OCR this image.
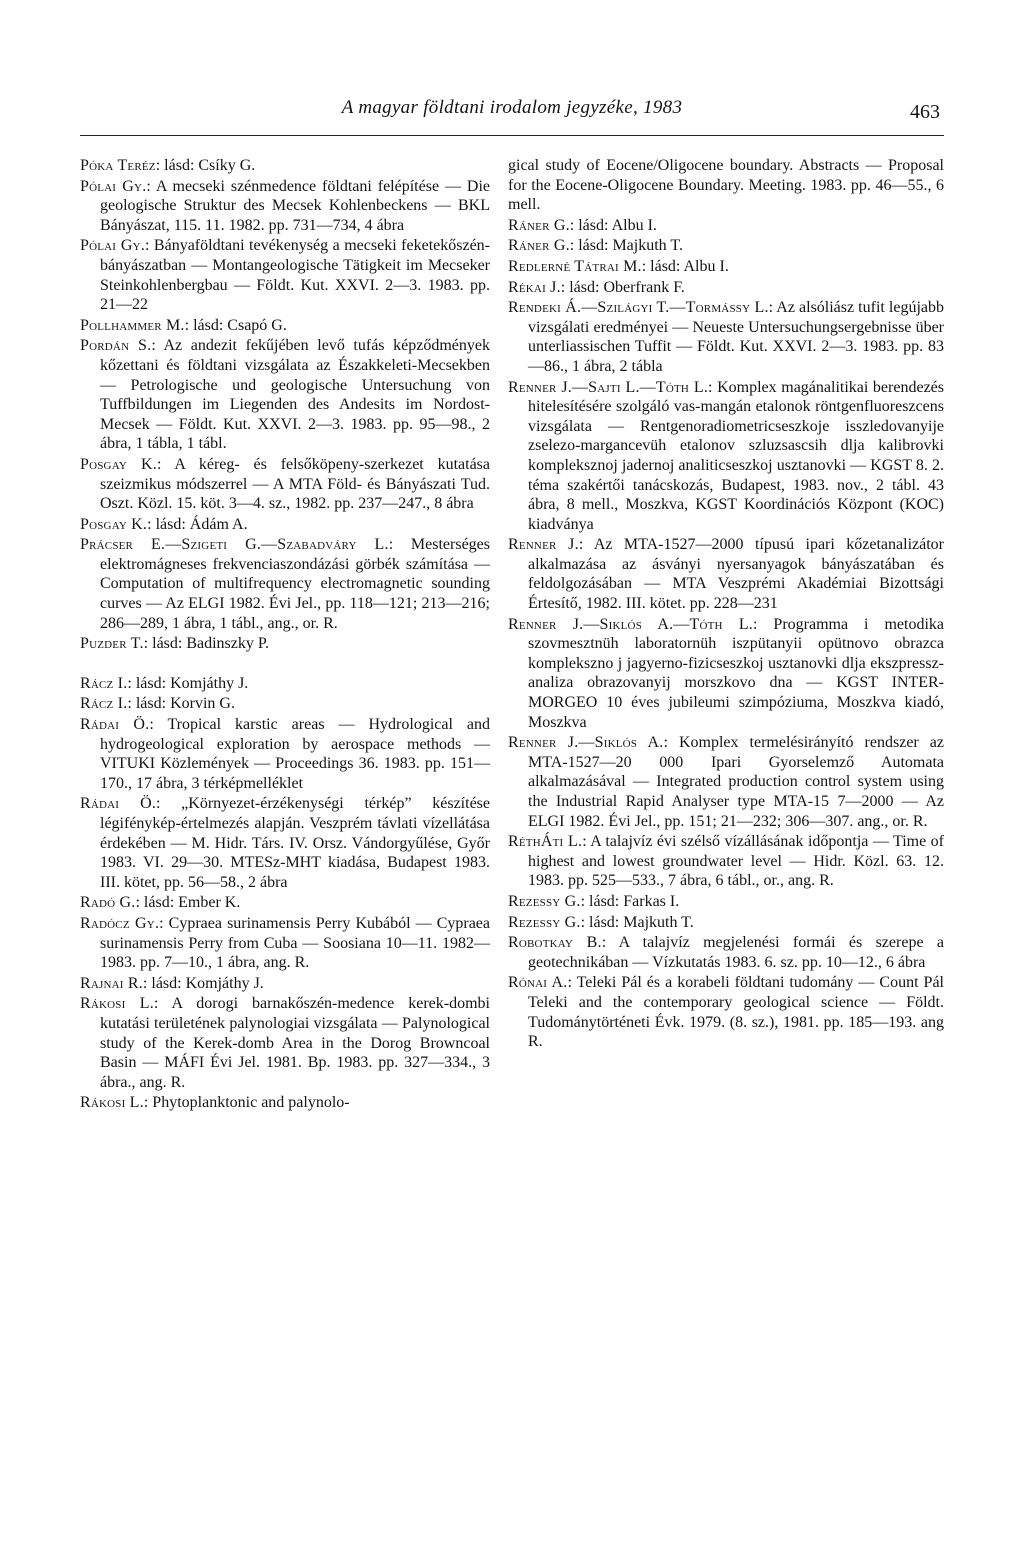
A magyar földtani irodalom jegyzéke, 1983	463

Póka Teréz: lásd: Csíky G.

Pólai Gy.: A mecseki szénmedence földtani felépítése — Die geologische Struktur des Mecsek Kohlenbeckens — BKL Bányászat, 115. 11. 1982. pp. 731—734, 4 ábra

Pólai Gy.: Bányaföldtani tevékenység a mecseki feketekőszén-bányászatban — Montangeologische Tätigkeit im Mecseker Steinkohlenbergbau — Földt. Kut. XXVI. 2—3. 1983. pp. 21—22

Pollhammer M.: lásd: Csapó G.

Pordán S.: Az andezit fekűjében levő tufás képződmények kőzettani és földtani vizsgálata az Északkeleti-Mecsekben — Petrologische und geologische Untersuchung von Tuffbildungen im Liegenden des Andesits im Nordost-Mecsek — Földt. Kut. XXVI. 2—3. 1983. pp. 95—98., 2 ábra, 1 tábla, 1 tábl.

Posgay K.: A kéreg- és felsőköpeny-szerkezet kutatása szeizmikus módszerrel — A MTA Föld- és Bányászati Tud. Oszt. Közl. 15. köt. 3—4. sz., 1982. pp. 237—247., 8 ábra

Posgay K.: lásd: Ádám A.

Prácser E.—Szigeti G.—Szabadváry L.: Mesterséges elektromágneses frekvenciaszondázási görbék számítása — Computation of multifrequency electromagnetic sounding curves — Az ELGI 1982. Évi Jel., pp. 118—121; 213—216; 286—289, 1 ábra, 1 tábl., ang., or. R.

Puzder T.: lásd: Badinszky P.

Rácz I.: lásd: Komjáthy J.

Rácz I.: lásd: Korvin G.

Rádai Ö.: Tropical karstic areas — Hydrological and hydrogeological exploration by aerospace methods — VITUKI Közlemények — Proceedings 36. 1983. pp. 151—170., 17 ábra, 3 térképmelléklet

Rádai Ö.: „Környezet-érzékenységi térkép” készítése légifénykép-értelmezés alapján. Veszprém távlati vízellátása érdekében — M. Hidr. Társ. IV. Orsz. Vándorgyűlése, Győr 1983. VI. 29—30. MTESz-MHT kiadása, Budapest 1983. III. kötet, pp. 56—58., 2 ábra

Radó G.: lásd: Ember K.

Radócz Gy.: Cypraea surinamensis Perry Kubából — Cypraea surinamensis Perry from Cuba — Soosiana 10—11. 1982—1983. pp. 7—10., 1 ábra, ang. R.

Rajnai R.: lásd: Komjáthy J.

Rákosi L.: A dorogi barnakőszén-medence kerek-dombi kutatási területének palynologiai vizsgálata — Palynological study of the Kerek-domb Area in the Dorog Browncoal Basin — MÁFI Évi Jel. 1981. Bp. 1983. pp. 327—334., 3 ábra., ang. R.

Rákosi L.: Phytoplanktonic and palynolo-

gical study of Eocene/Oligocene boundary. Abstracts — Proposal for the Eocene-Oligocene Boundary. Meeting. 1983. pp. 46—55., 6 mell.

Ráner G.: lásd: Albu I.

Ráner G.: lásd: Majkuth T.

Redlerné Tátrai M.: lásd: Albu I.

Rékai J.: lásd: Oberfrank F.

Rendeki Á.—Szilágyi T.—Tormássy L.: Az alsóliász tufit legújabb vizsgálati eredményei — Neueste Untersuchungsergebnisse über unterliassischen Tuffit — Földt. Kut. XXVI. 2—3. 1983. pp. 83—86., 1 ábra, 2 tábla

Renner J.—Sajti L.—Tóth L.: Komplex magánalitikai berendezés hitelesítésére szolgáló vas-mangán etalonok röntgenfluoreszcens vizsgálata — Rentgenoradiometricseszkoje isszledovanyije zselezo-margancevüh etalonov szluzsascsih dlja kalibrovki kompleksznoj jadernoj analiticseszkoj usztanovki — KGST 8. 2. téma szakértői tanácskozás, Budapest, 1983. nov., 2 tábl. 43 ábra, 8 mell., Moszkva, KGST Koordinációs Központ (KOC) kiadványa

Renner J.: Az MTA-1527—2000 típusú ipari kőzetanalizátor alkalmazása az ásványi nyersanyagok bányászatában és feldolgozásában — MTA Veszprémi Akadémiai Bizottsági Értesítő, 1982. III. kötet. pp. 228—231

Renner J.—Siklós A.—Tóth L.: Programma i metodika szovmesztnüh laboratornüh iszpütanyii opütnovo obrazca komplekszno j jagyerno-fizicseszkoj usztanovki dlja ekszpressz-analiza obrazovanyij morszkovo dna — KGST INTER-MORGEO 10 éves jubileumi szimpóziuma, Moszkva kiadó, Moszkva

Renner J.—Siklós A.: Komplex termelésirányító rendszer az MTA-1527—20 000 Ipari Gyorselemző Automata alkalmazásával — Integrated production control system using the Industrial Rapid Analyser type MTA-15 7—2000 — Az ELGI 1982. Évi Jel., pp. 151; 21—232; 306—307. ang., or. R.

RéthÁti L.: A talajvíz évi szélső vízállásának időpontja — Time of highest and lowest groundwater level — Hidr. Közl. 63. 12. 1983. pp. 525—533., 7 ábra, 6 tábl., or., ang. R.

Rezessy G.: lásd: Farkas I.

Rezessy G.: lásd: Majkuth T.

Robotkay B.: A talajvíz megjelenési formái és szerepe a geotechnikában — Vízkutatás 1983. 6. sz. pp. 10—12., 6 ábra

Rónai A.: Teleki Pál és a korabeli földtani tudomány — Count Pál Teleki and the contemporary geological science — Földt. Tudománytörténeti Évk. 1979. (8. sz.), 1981. pp. 185—193. ang R.
